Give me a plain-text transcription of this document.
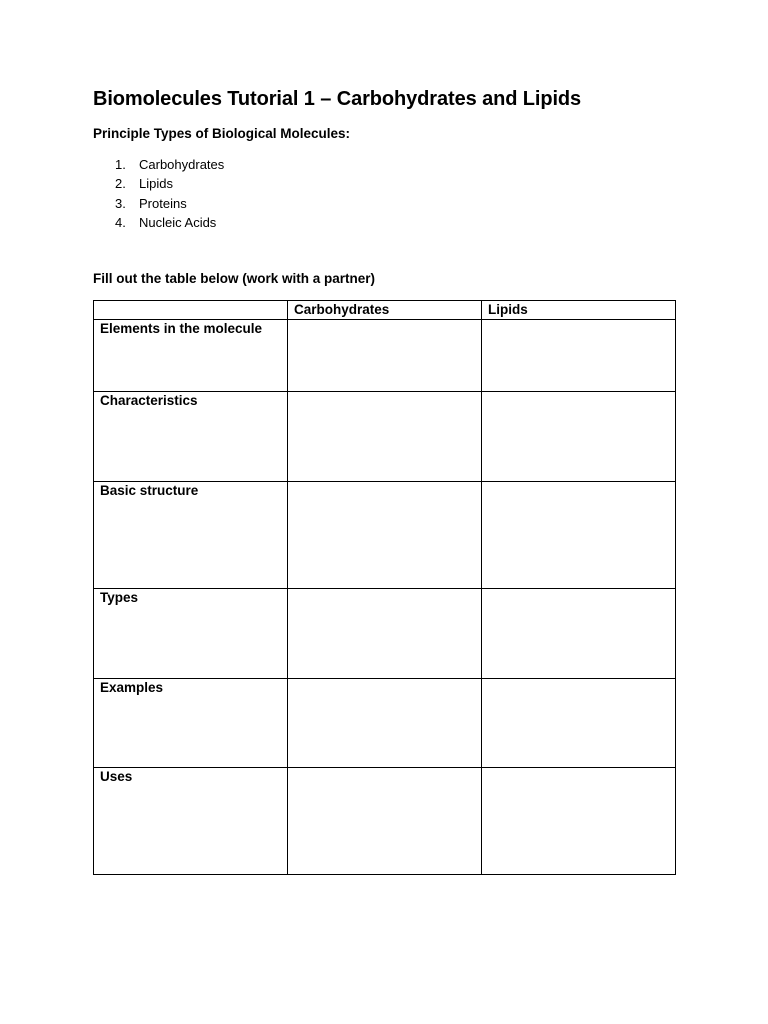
Biomolecules Tutorial 1 – Carbohydrates and Lipids
Principle Types of Biological Molecules:
1. Carbohydrates
2. Lipids
3. Proteins
4. Nucleic Acids
Fill out the table below (work with a partner)
	Carbohydrates	Lipids
Elements in the molecule		
Characteristics		
Basic structure		
Types		
Examples		
Uses		
